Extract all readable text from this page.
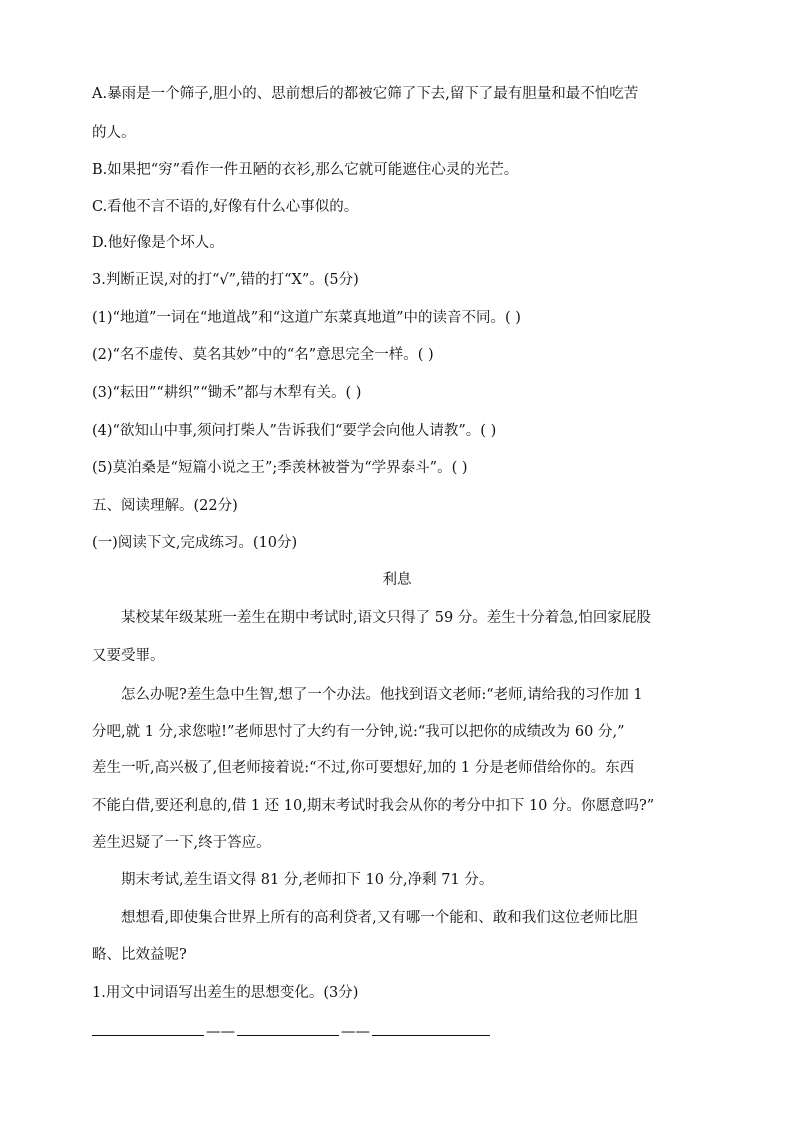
A.暴雨是一个筛子,胆小的、思前想后的都被它筛了下去,留下了最有胆量和最不怕吃苦
的人。
B.如果把“穷”看作一件丑陋的衣衫,那么它就可能遮住心灵的光芒。
C.看他不言不语的,好像有什么心事似的。
D.他好像是个坏人。
3.判断正误,对的打“√”,错的打“X”。(5分)
(1)“地道”一词在“地道战”和“这道广东菜真地道”中的读音不同。( )
(2)“名不虚传、莫名其妙”中的“名”意思完全一样。( )
(3)“耘田”“耕织”“锄禾”都与木犁有关。( )
(4)“欲知山中事,须问打柴人”告诉我们“要学会向他人请教”。( )
(5)莫泊桑是“短篇小说之王”;季羡林被誉为“学界泰斗”。( )
五、阅读理解。(22分)
(一)阅读下文,完成练习。(10分)
利息
某校某年级某班一差生在期中考试时,语文只得了 59 分。差生十分着急,怕回家屁股
又要受罪。
怎么办呢?差生急中生智,想了一个办法。他找到语文老师:“老师,请给我的习作加 1
分吧,就 1 分,求您啦!”老师思忖了大约有一分钟,说:“我可以把你的成绩改为 60 分,”
差生一听,高兴极了,但老师接着说:“不过,你可要想好,加的 1 分是老师借给你的。东西
不能白借,要还利息的,借 1 还 10,期末考试时我会从你的考分中扣下 10 分。你愿意吗?”
差生迟疑了一下,终于答应。
期末考试,差生语文得 81 分,老师扣下 10 分,净剩 71 分。
想想看,即使集合世界上所有的高利贷者,又有哪一个能和、敢和我们这位老师比胆
略、比效益呢?
1.用文中词语写出差生的思想变化。(3分)
——	——
